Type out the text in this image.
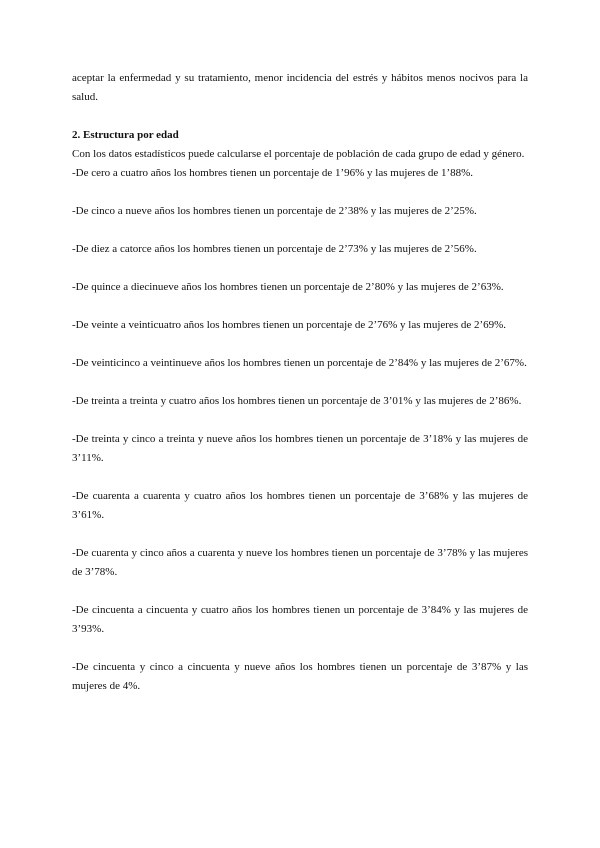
aceptar la enfermedad y su tratamiento, menor incidencia del estrés y hábitos menos nocivos para la salud.

2. Estructura por edad

Con los datos estadísticos puede calcularse el porcentaje de población de cada grupo de edad y género.

-De cero a cuatro años los hombres tienen un porcentaje de 1’96% y las mujeres de 1’88%.

-De cinco a nueve años los hombres tienen un porcentaje de 2’38% y las mujeres de 2’25%.

-De diez a catorce años los hombres tienen un porcentaje de 2’73% y las mujeres de 2’56%.

-De quince a diecinueve años los hombres tienen un porcentaje de 2’80% y las mujeres de 2’63%.

-De veinte a veinticuatro años los hombres tienen un porcentaje de 2’76% y las mujeres de 2’69%.

-De veinticinco a veintinueve años los hombres tienen un porcentaje de 2’84% y las mujeres de 2’67%.

-De treinta a treinta y cuatro años los hombres tienen un porcentaje de 3’01% y las mujeres de 2’86%.

-De treinta y cinco a treinta y nueve años los hombres tienen un porcentaje de 3’18% y las mujeres de 3’11%.

-De cuarenta a cuarenta y cuatro años los hombres tienen un porcentaje de 3’68% y las mujeres de 3’61%.

-De cuarenta y cinco años a cuarenta y nueve los hombres tienen un porcentaje de 3’78% y las mujeres de 3’78%.

-De cincuenta a cincuenta y cuatro años los hombres tienen un porcentaje de 3’84% y las mujeres de 3’93%.

-De cincuenta y cinco a cincuenta y nueve años los hombres tienen un porcentaje de 3’87% y las mujeres de 4%.
